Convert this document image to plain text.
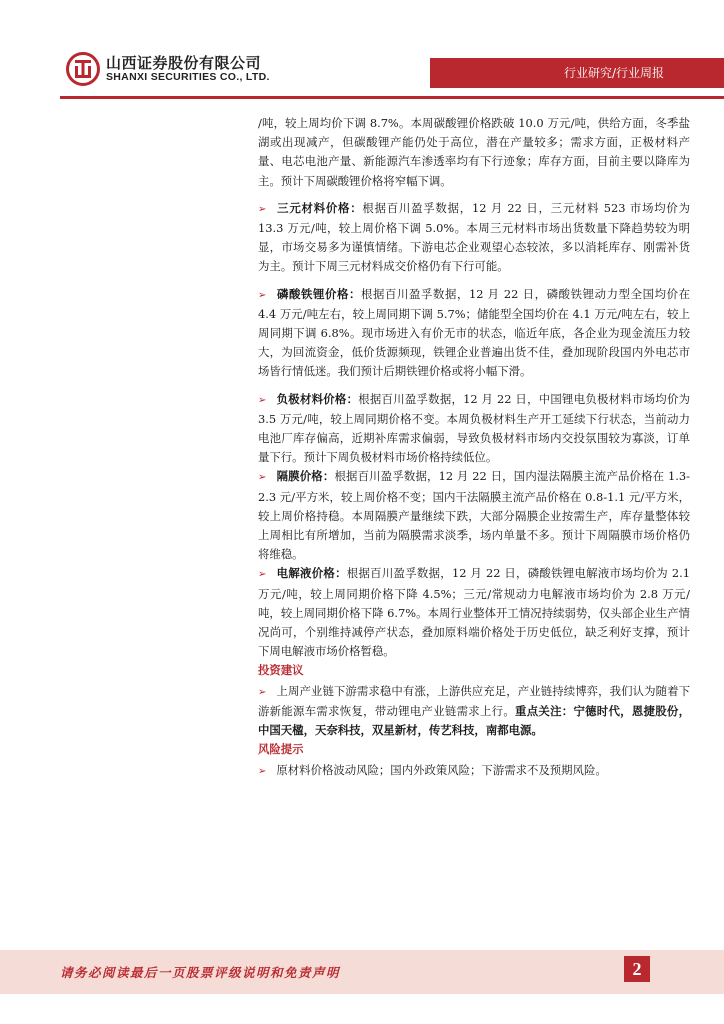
山西证券股份有限公司
SHANXI SECURITIES CO., LTD.	行业研究/行业周报

/吨，较上周均价下调 8.7%。本周碳酸锂价格跌破 10.0 万元/吨，供给方面，冬季盐湖或出现减产，但碳酸锂产能仍处于高位，潜在产量较多；需求方面，正极材料产量、电芯电池产量、新能源汽车渗透率均有下行迹象；库存方面，目前主要以降库为主。预计下周碳酸锂价格将窄幅下调。

➢ 三元材料价格：根据百川盈孚数据，12 月 22 日，三元材料 523 市场均价为 13.3 万元/吨，较上周价格下调 5.0%。本周三元材料市场出货数量下降趋势较为明显，市场交易多为谨慎情绪。下游电芯企业观望心态较浓，多以消耗库存、刚需补货为主。预计下周三元材料成交价格仍有下行可能。

➢ 磷酸铁锂价格：根据百川盈孚数据，12 月 22 日，磷酸铁锂动力型全国均价在 4.4 万元/吨左右，较上周同期下调 5.7%；储能型全国均价在 4.1 万元/吨左右，较上周同期下调 6.8%。现市场进入有价无市的状态，临近年底，各企业为现金流压力较大，为回流资金，低价货源频现，铁锂企业普遍出货不佳，叠加现阶段国内外电芯市场皆行情低迷。我们预计后期铁锂价格或将小幅下滑。

➢ 负极材料价格：根据百川盈孚数据，12 月 22 日，中国锂电负极材料市场均价为 3.5 万元/吨，较上周同期价格不变。本周负极材料生产开工延续下行状态，当前动力电池厂库存偏高，近期补库需求偏弱，导致负极材料市场内交投氛围较为寡淡，订单量下行。预计下周负极材料市场价格持续低位。

➢ 隔膜价格：根据百川盈孚数据，12 月 22 日，国内湿法隔膜主流产品价格在 1.3-2.3 元/平方米，较上周价格不变；国内干法隔膜主流产品价格在 0.8-1.1 元/平方米，较上周价格持稳。本周隔膜产量继续下跌，大部分隔膜企业按需生产，库存量整体较上周相比有所增加，当前为隔膜需求淡季，场内单量不多。预计下周隔膜市场价格仍将维稳。

➢ 电解液价格：根据百川盈孚数据，12 月 22 日，磷酸铁锂电解液市场均价为 2.1 万元/吨，较上周同期价格下降 4.5%；三元/常规动力电解液市场均价为 2.8 万元/吨，较上周同期价格下降 6.7%。本周行业整体开工情况持续弱势，仅头部企业生产情况尚可，个别维持减停产状态，叠加原料端价格处于历史低位，缺乏利好支撑，预计下周电解液市场价格暂稳。

投资建议

➢ 上周产业链下游需求稳中有涨，上游供应充足，产业链持续博弈，我们认为随着下游新能源车需求恢复，带动锂电产业链需求上行。重点关注：宁德时代，恩捷股份，中国天楹，天奈科技，双星新材，传艺科技，南都电源。

风险提示

➢ 原材料价格波动风险；国内外政策风险；下游需求不及预期风险。

请务必阅读最后一页股票评级说明和免责声明	2
